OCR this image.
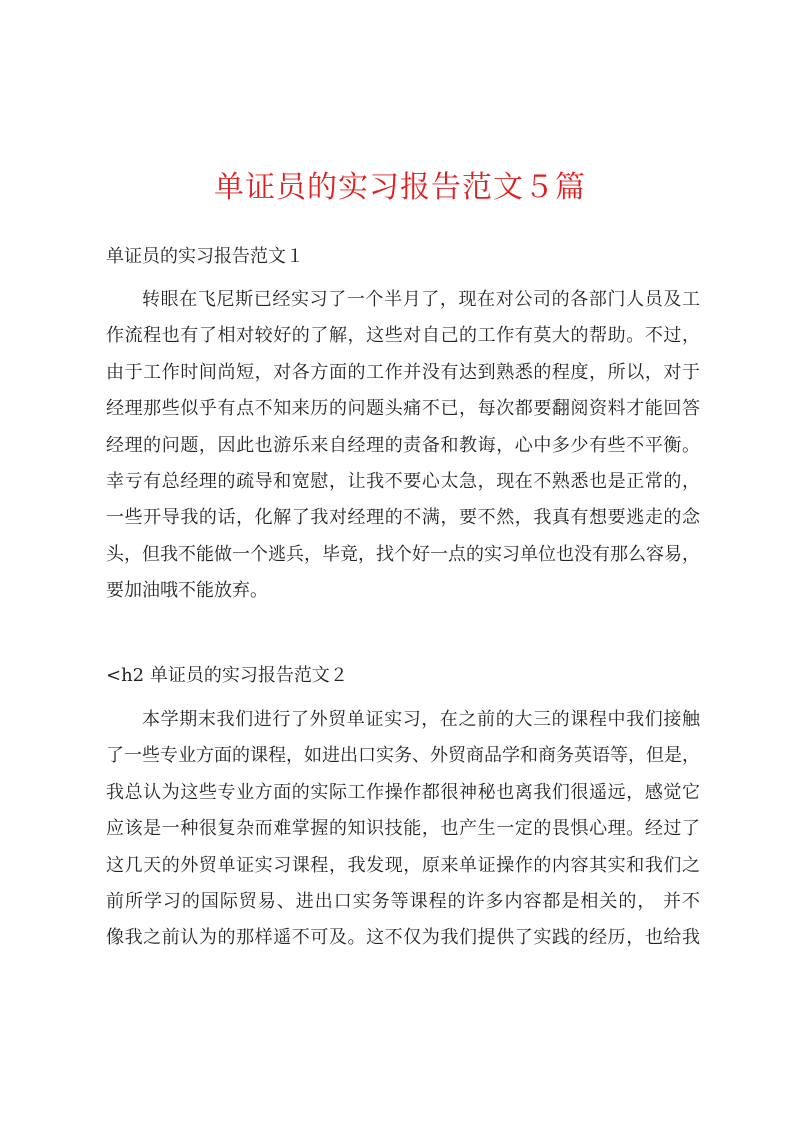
单证员的实习报告范文５篇
单证员的实习报告范文１
转眼在飞尼斯已经实习了一个半月了，现在对公司的各部门人员及工
作流程也有了相对较好的了解，这些对自己的工作有莫大的帮助。不过，
由于工作时间尚短，对各方面的工作并没有达到熟悉的程度，所以，对于
经理那些似乎有点不知来历的问题头痛不已，每次都要翻阅资料才能回答
经理的问题，因此也游乐来自经理的责备和教诲，心中多少有些不平衡。
幸亏有总经理的疏导和宽慰，让我不要心太急，现在不熟悉也是正常的，
一些开导我的话，化解了我对经理的不满，要不然，我真有想要逃走的念
头，但我不能做一个逃兵，毕竟，找个好一点的实习单位也没有那么容易，
要加油哦不能放弃。
<h2 单证员的实习报告范文２
本学期末我们进行了外贸单证实习，在之前的大三的课程中我们接触
了一些专业方面的课程，如进出口实务、外贸商品学和商务英语等，但是，
我总认为这些专业方面的实际工作操作都很神秘也离我们很遥远，感觉它
应该是一种很复杂而难掌握的知识技能，也产生一定的畏惧心理。经过了
这几天的外贸单证实习课程，我发现，原来单证操作的内容其实和我们之
前所学习的国际贸易、进出口实务等课程的许多内容都是相关的， 并不
像我之前认为的那样遥不可及。这不仅为我们提供了实践的经历，也给我
